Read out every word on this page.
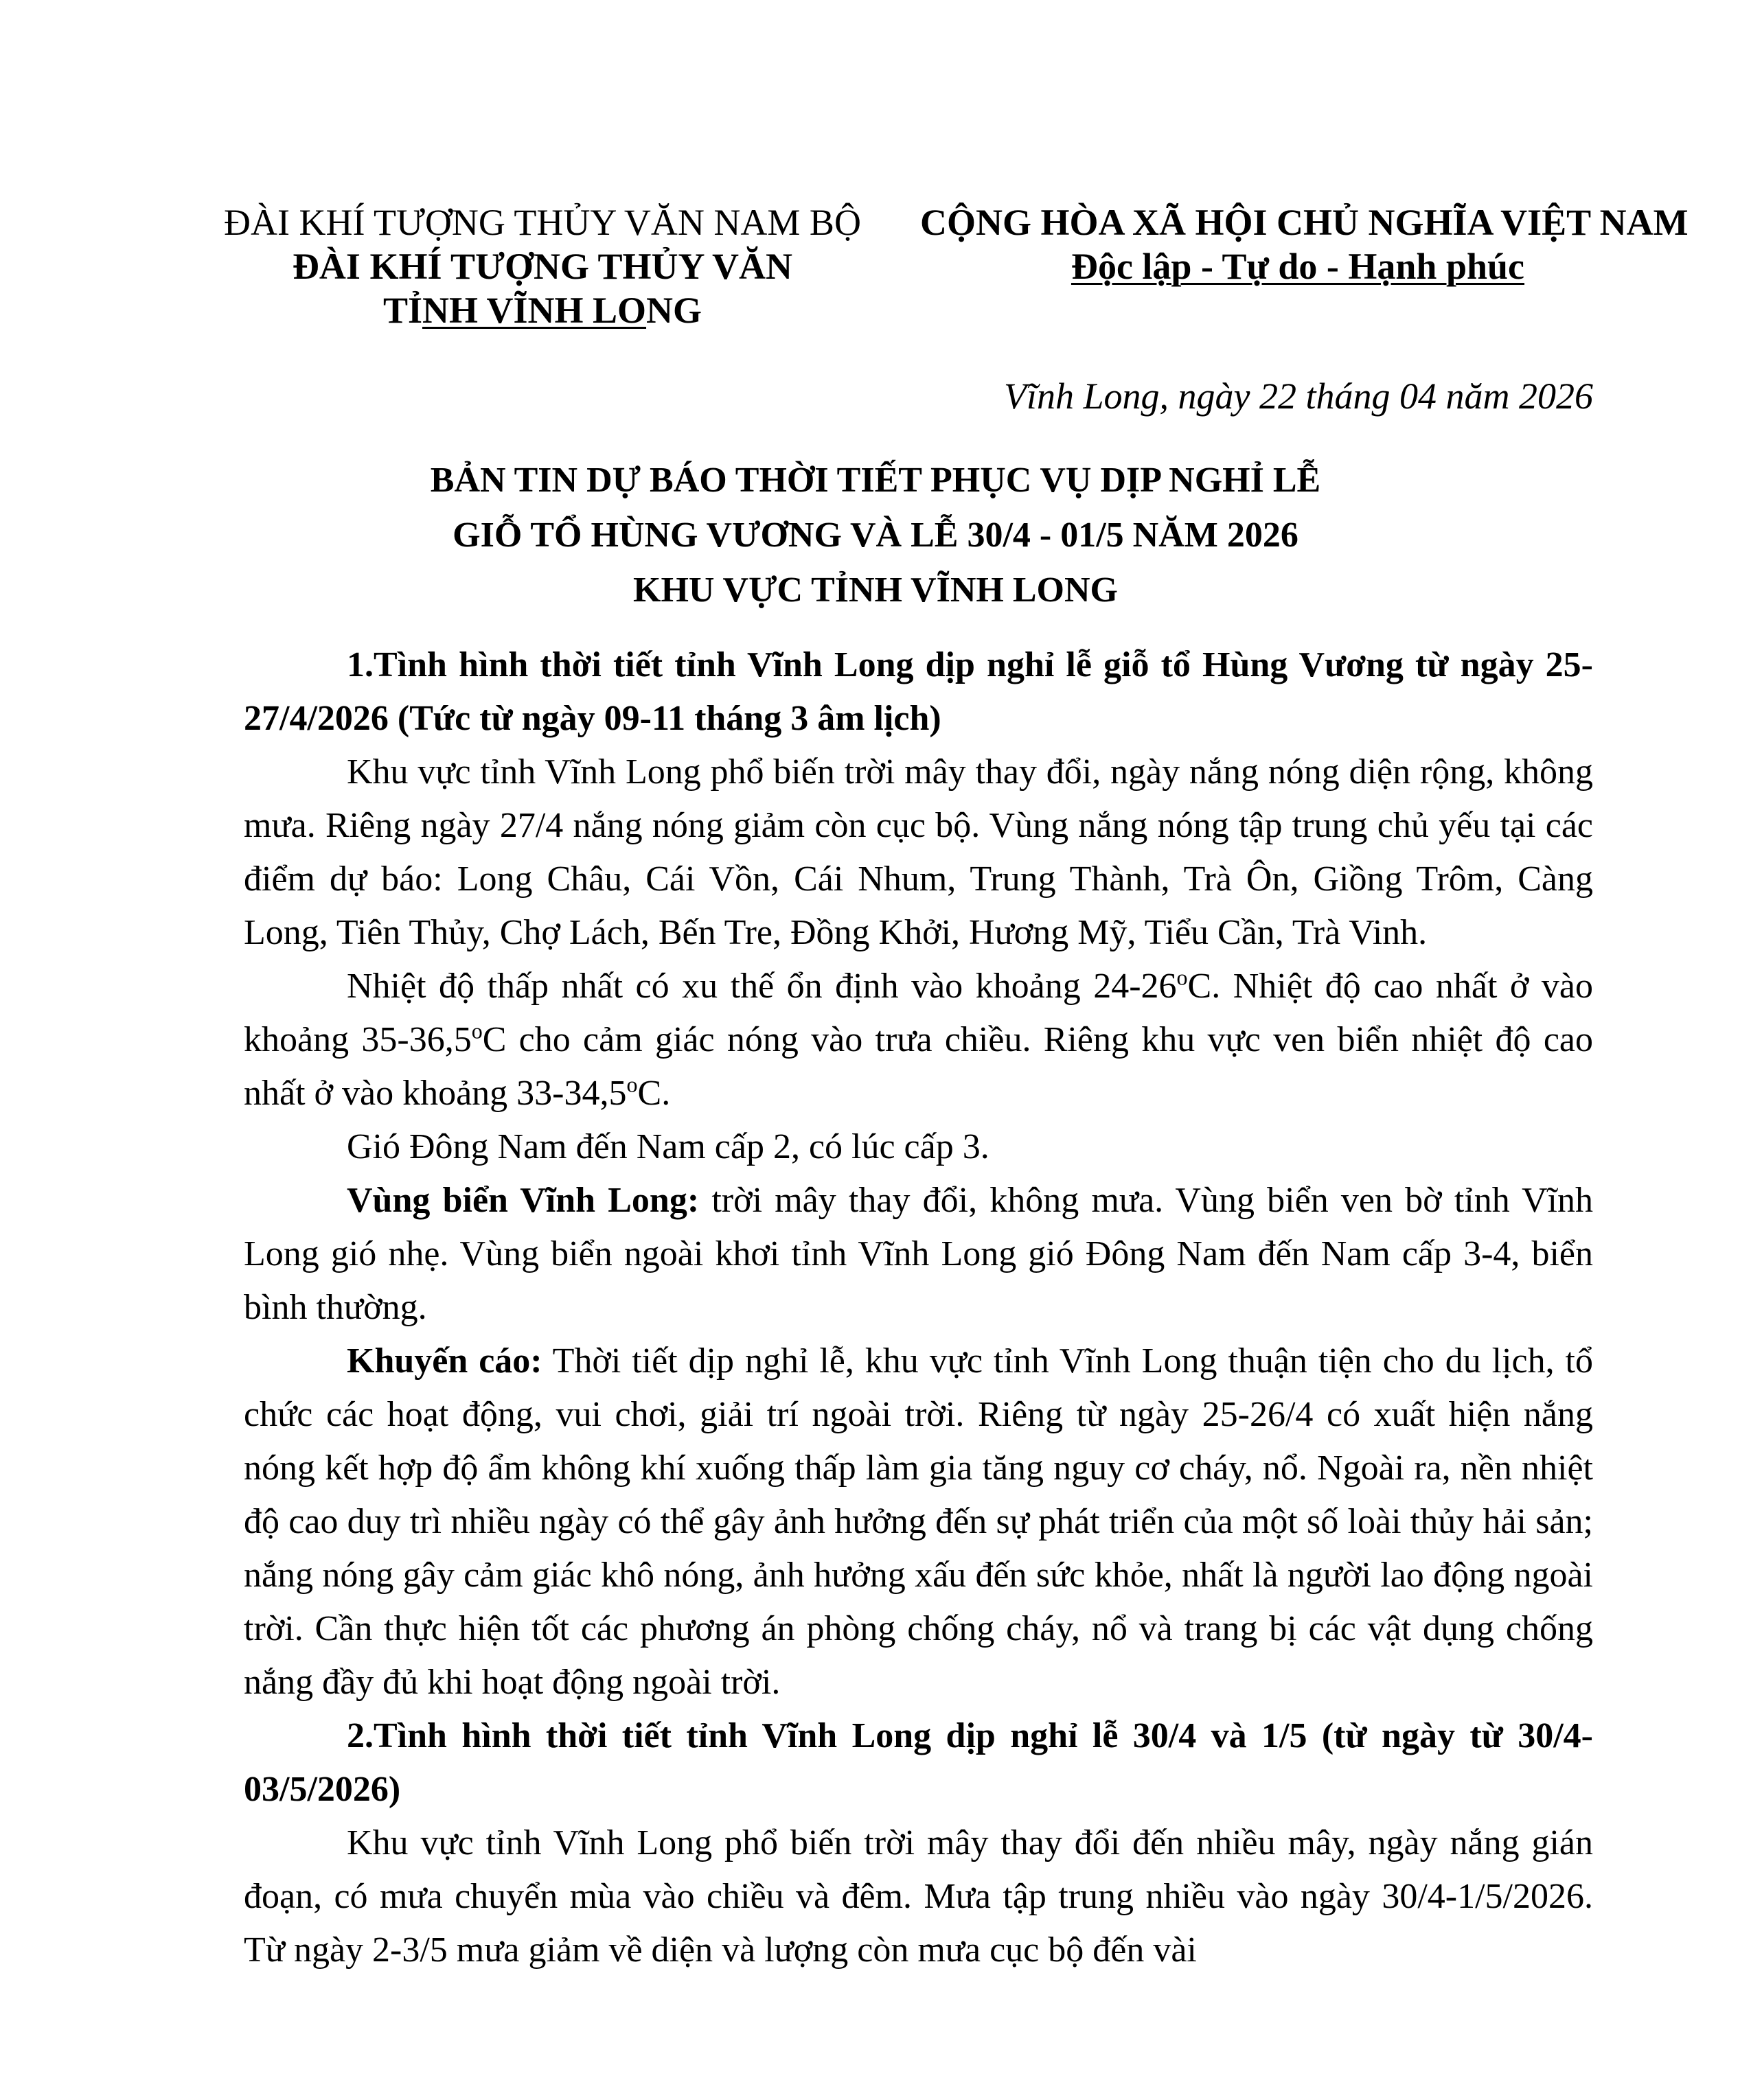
ĐÀI KHÍ TƯỢNG THỦY VĂN NAM BỘ
ĐÀI KHÍ TƯỢNG THỦY VĂN
TỈNH VĨNH LONG
CỘNG HÒA XÃ HỘI CHỦ NGHĨA VIỆT NAM
Độc lập - Tự do - Hạnh phúc
Vĩnh Long, ngày 22 tháng 04 năm 2026
BẢN TIN DỰ BÁO THỜI TIẾT PHỤC VỤ DỊP NGHỈ LỄ
GIỖ TỔ HÙNG VƯƠNG VÀ LỄ 30/4 - 01/5 NĂM 2026
KHU VỰC TỈNH VĨNH LONG

1.Tình hình thời tiết tỉnh Vĩnh Long dịp nghỉ lễ giỗ tổ Hùng Vương từ ngày 25-27/4/2026 (Tức từ ngày 09-11 tháng 3 âm lịch)

Khu vực tỉnh Vĩnh Long phổ biến trời mây thay đổi, ngày nắng nóng diện rộng, không mưa. Riêng ngày 27/4 nắng nóng giảm còn cục bộ. Vùng nắng nóng tập trung chủ yếu tại các điểm dự báo: Long Châu, Cái Vồn, Cái Nhum, Trung Thành, Trà Ôn, Giồng Trôm, Càng Long, Tiên Thủy, Chợ Lách, Bến Tre, Đồng Khởi, Hương Mỹ, Tiểu Cần, Trà Vinh.

Nhiệt độ thấp nhất có xu thế ổn định vào khoảng 24-26$^o$C. Nhiệt độ cao nhất ở vào khoảng 35-36,5$^o$C cho cảm giác nóng vào trưa chiều. Riêng khu vực ven biển nhiệt độ cao nhất ở vào khoảng 33-34,5$^o$C.

Gió Đông Nam đến Nam cấp 2, có lúc cấp 3.

Vùng biển Vĩnh Long: trời mây thay đổi, không mưa. Vùng biển ven bờ tỉnh Vĩnh Long gió nhẹ. Vùng biển ngoài khơi tỉnh Vĩnh Long gió Đông Nam đến Nam cấp 3-4, biển bình thường.

Khuyến cáo: Thời tiết dịp nghỉ lễ, khu vực tỉnh Vĩnh Long thuận tiện cho du lịch, tổ chức các hoạt động, vui chơi, giải trí ngoài trời. Riêng từ ngày 25-26/4 có xuất hiện nắng nóng kết hợp độ ẩm không khí xuống thấp làm gia tăng nguy cơ cháy, nổ. Ngoài ra, nền nhiệt độ cao duy trì nhiều ngày có thể gây ảnh hưởng đến sự phát triển của một số loài thủy hải sản; nắng nóng gây cảm giác khô nóng, ảnh hưởng xấu đến sức khỏe, nhất là người lao động ngoài trời. Cần thực hiện tốt các phương án phòng chống cháy, nổ và trang bị các vật dụng chống nắng đầy đủ khi hoạt động ngoài trời.

2.Tình hình thời tiết tỉnh Vĩnh Long dịp nghỉ lễ 30/4 và 1/5 (từ ngày từ 30/4-03/5/2026)

Khu vực tỉnh Vĩnh Long phổ biến trời mây thay đổi đến nhiều mây, ngày nắng gián đoạn, có mưa chuyển mùa vào chiều và đêm. Mưa tập trung nhiều vào ngày 30/4-1/5/2026. Từ ngày 2-3/5 mưa giảm về diện và lượng còn mưa cục bộ đến vài
